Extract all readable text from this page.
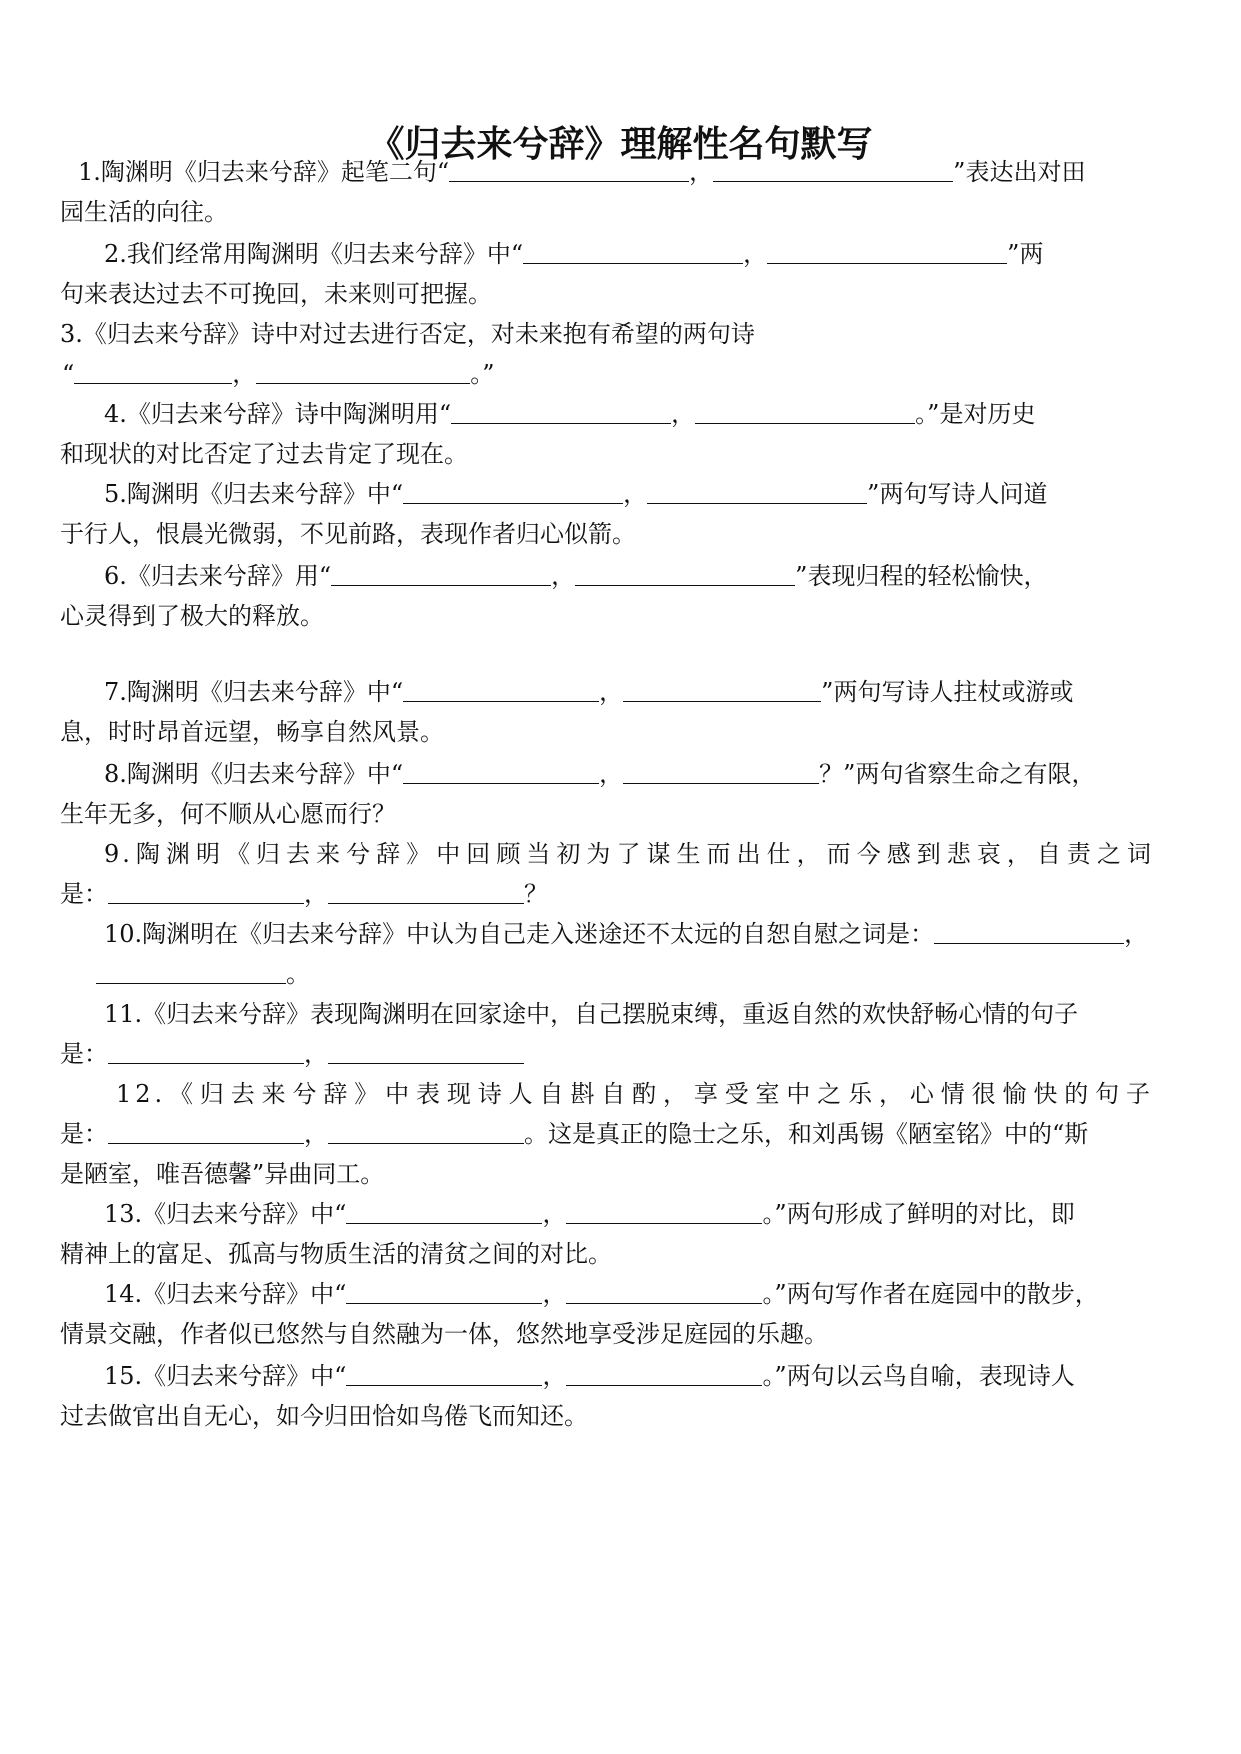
《归去来兮辞》理解性名句默写
1.陶渊明《归去来兮辞》起笔二句“	，	”表达出对田
园生活的向往。
2.我们经常用陶渊明《归去来兮辞》中“	，	”两
句来表达过去不可挽回，未来则可把握。
3.《归去来兮辞》诗中对过去进行否定，对未来抱有希望的两句诗
“	，	。”
4.《归去来兮辞》诗中陶渊明用“	，	。”是对历史
和现状的对比否定了过去肯定了现在。
5.陶渊明《归去来兮辞》中“	，	”两句写诗人问道
于行人，恨晨光微弱，不见前路，表现作者归心似箭。
6.《归去来兮辞》用“	，	”表现归程的轻松愉快，
心灵得到了极大的释放。
7.陶渊明《归去来兮辞》中“	，	”两句写诗人拄杖或游或
息，时时昂首远望，畅享自然风景。
8.陶渊明《归去来兮辞》中“	，	？”两句省察生命之有限，
生年无多，何不顺从心愿而行？
9.陶渊明《归去来兮辞》中回顾当初为了谋生而出仕，而今感到悲哀，自责之词
是：	，	？
10.陶渊明在《归去来兮辞》中认为自己走入迷途还不太远的自恕自慰之词是：	，
。
11.《归去来兮辞》表现陶渊明在回家途中，自己摆脱束缚，重返自然的欢快舒畅心情的句子
是：	，
12.《归去来兮辞》中表现诗人自斟自酌，享受室中之乐，心情很愉快的句子
是：	，	。这是真正的隐士之乐，和刘禹锡《陋室铭》中的“斯
是陋室，唯吾德馨”异曲同工。
13.《归去来兮辞》中“	，	。”两句形成了鲜明的对比，即
精神上的富足、孤高与物质生活的清贫之间的对比。
14.《归去来兮辞》中“	，	。”两句写作者在庭园中的散步，
情景交融，作者似已悠然与自然融为一体，悠然地享受涉足庭园的乐趣。
15.《归去来兮辞》中“	，	。”两句以云鸟自喻，表现诗人
过去做官出自无心，如今归田恰如鸟倦飞而知还。
